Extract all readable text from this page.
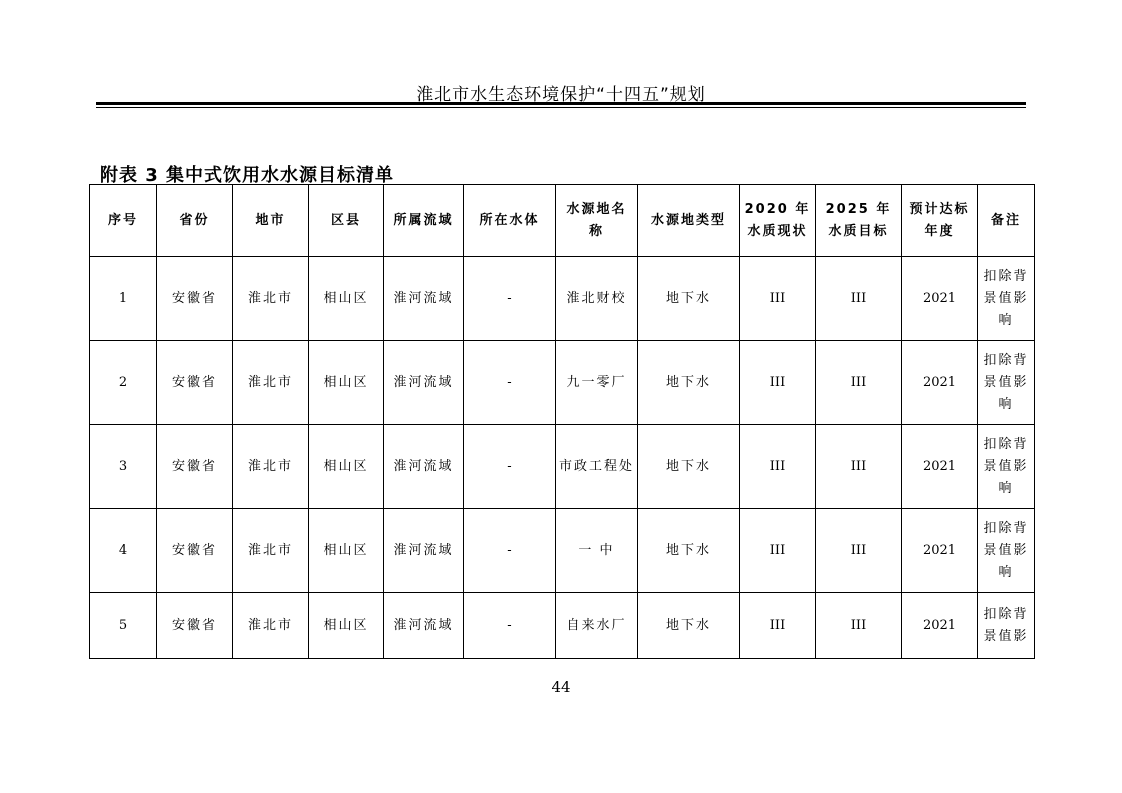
淮北市水生态环境保护“十四五”规划
附表 3 集中式饮用水水源目标清单
序号	省份	地市	区县	所属流域	所在水体	水源地名称	水源地类型	2020 年水质现状	2025 年水质目标	预计达标年度	备注
1	安徽省	淮北市	相山区	淮河流域	-	淮北财校	地下水	III	III	2021	扣除背景值影响
2	安徽省	淮北市	相山区	淮河流域	-	九一零厂	地下水	III	III	2021	扣除背景值影响
3	安徽省	淮北市	相山区	淮河流域	-	市政工程处	地下水	III	III	2021	扣除背景值影响
4	安徽省	淮北市	相山区	淮河流域	-	一 中	地下水	III	III	2021	扣除背景值影响
5	安徽省	淮北市	相山区	淮河流域	-	自来水厂	地下水	III	III	2021	扣除背景值影
44
